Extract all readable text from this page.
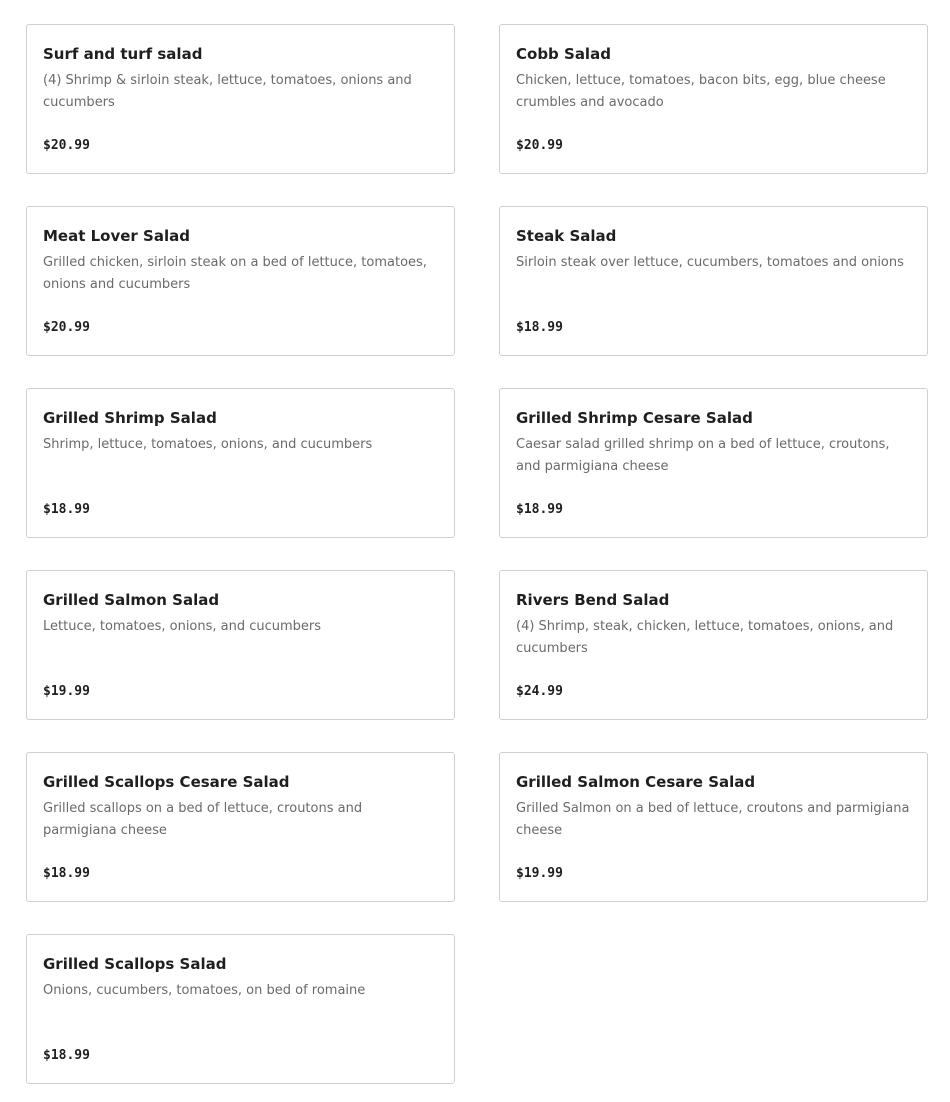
Surf and turf salad
(4) Shrimp & sirloin steak, lettuce, tomatoes, onions and cucumbers
$20.99
Cobb Salad
Chicken, lettuce, tomatoes, bacon bits, egg, blue cheese crumbles and avocado
$20.99
Meat Lover Salad
Grilled chicken, sirloin steak on a bed of lettuce, tomatoes, onions and cucumbers
$20.99
Steak Salad
Sirloin steak over lettuce, cucumbers, tomatoes and onions
$18.99
Grilled Shrimp Salad
Shrimp, lettuce, tomatoes, onions, and cucumbers
$18.99
Grilled Shrimp Cesare Salad
Caesar salad grilled shrimp on a bed of lettuce, croutons, and parmigiana cheese
$18.99
Grilled Salmon Salad
Lettuce, tomatoes, onions, and cucumbers
$19.99
Rivers Bend Salad
(4) Shrimp, steak, chicken, lettuce, tomatoes, onions, and cucumbers
$24.99
Grilled Scallops Cesare Salad
Grilled scallops on a bed of lettuce, croutons and parmigiana cheese
$18.99
Grilled Salmon Cesare Salad
Grilled Salmon on a bed of lettuce, croutons and parmigiana cheese
$19.99
Grilled Scallops Salad
Onions, cucumbers, tomatoes, on bed of romaine
$18.99
